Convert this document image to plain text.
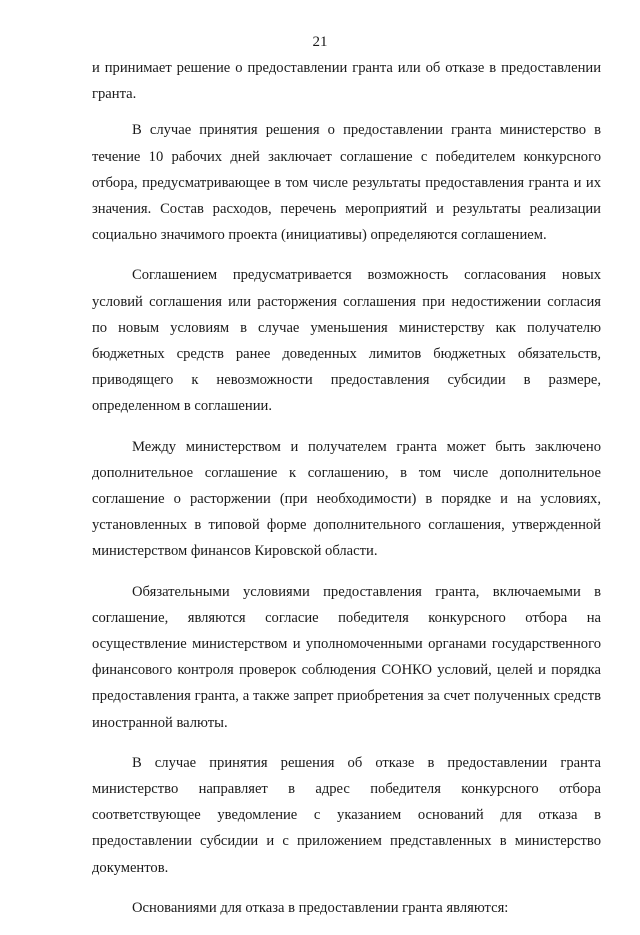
21

и принимает решение о предоставлении гранта или об отказе в предоставлении гранта.

В случае принятия решения о предоставлении гранта министерство в течение 10 рабочих дней заключает соглашение с победителем конкурсного отбора, предусматривающее в том числе результаты предоставления гранта и их значения. Состав расходов, перечень мероприятий и результаты реализации социально значимого проекта (инициативы) определяются соглашением.

Соглашением предусматривается возможность согласования новых условий соглашения или расторжения соглашения при недостижении согласия по новым условиям в случае уменьшения министерству как получателю бюджетных средств ранее доведенных лимитов бюджетных обязательств, приводящего к невозможности предоставления субсидии в размере, определенном в соглашении.

Между министерством и получателем гранта может быть заключено дополнительное соглашение к соглашению, в том числе дополнительное соглашение о расторжении (при необходимости) в порядке и на условиях, установленных в типовой форме дополнительного соглашения, утвержденной министерством финансов Кировской области.

Обязательными условиями предоставления гранта, включаемыми в соглашение, являются согласие победителя конкурсного отбора на осуществление министерством и уполномоченными органами государственного финансового контроля проверок соблюдения СОНКО условий, целей и порядка предоставления гранта, а также запрет приобретения за счет полученных средств иностранной валюты.

В случае принятия решения об отказе в предоставлении гранта министерство направляет в адрес победителя конкурсного отбора соответствующее уведомление с указанием оснований для отказа в предоставлении субсидии и с приложением представленных в министерство документов.

Основаниями для отказа в предоставлении гранта являются:
